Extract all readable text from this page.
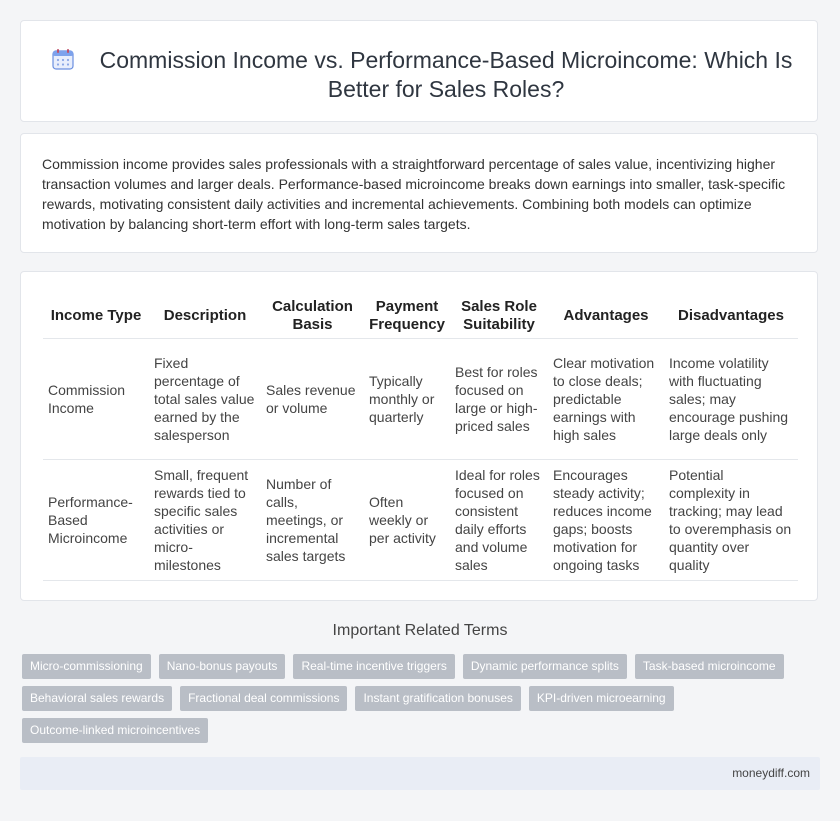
Commission Income vs. Performance-Based Microincome: Which Is Better for Sales Roles?

Commission income provides sales professionals with a straightforward percentage of sales value, incentivizing higher transaction volumes and larger deals. Performance-based microincome breaks down earnings into smaller, task-specific rewards, motivating consistent daily activities and incremental achievements. Combining both models can optimize motivation by balancing short-term effort with long-term sales targets.

Income Type	Description	Calculation Basis	Payment Frequency	Sales Role Suitability	Advantages	Disadvantages
Commission Income	Fixed percentage of total sales value earned by the salesperson	Sales revenue or volume	Typically monthly or quarterly	Best for roles focused on large or high-priced sales	Clear motivation to close deals; predictable earnings with high sales	Income volatility with fluctuating sales; may encourage pushing large deals only
Performance-Based Microincome	Small, frequent rewards tied to specific sales activities or micro-milestones	Number of calls, meetings, or incremental sales targets	Often weekly or per activity	Ideal for roles focused on consistent daily efforts and volume sales	Encourages steady activity; reduces income gaps; boosts motivation for ongoing tasks	Potential complexity in tracking; may lead to overemphasis on quantity over quality
Important Related Terms
Micro-commissioning	Nano-bonus payouts	Real-time incentive triggers	Dynamic performance splits	Task-based microincome
Behavioral sales rewards	Fractional deal commissions	Instant gratification bonuses	KPI-driven microearning
Outcome-linked microincentives
moneydiff.com
